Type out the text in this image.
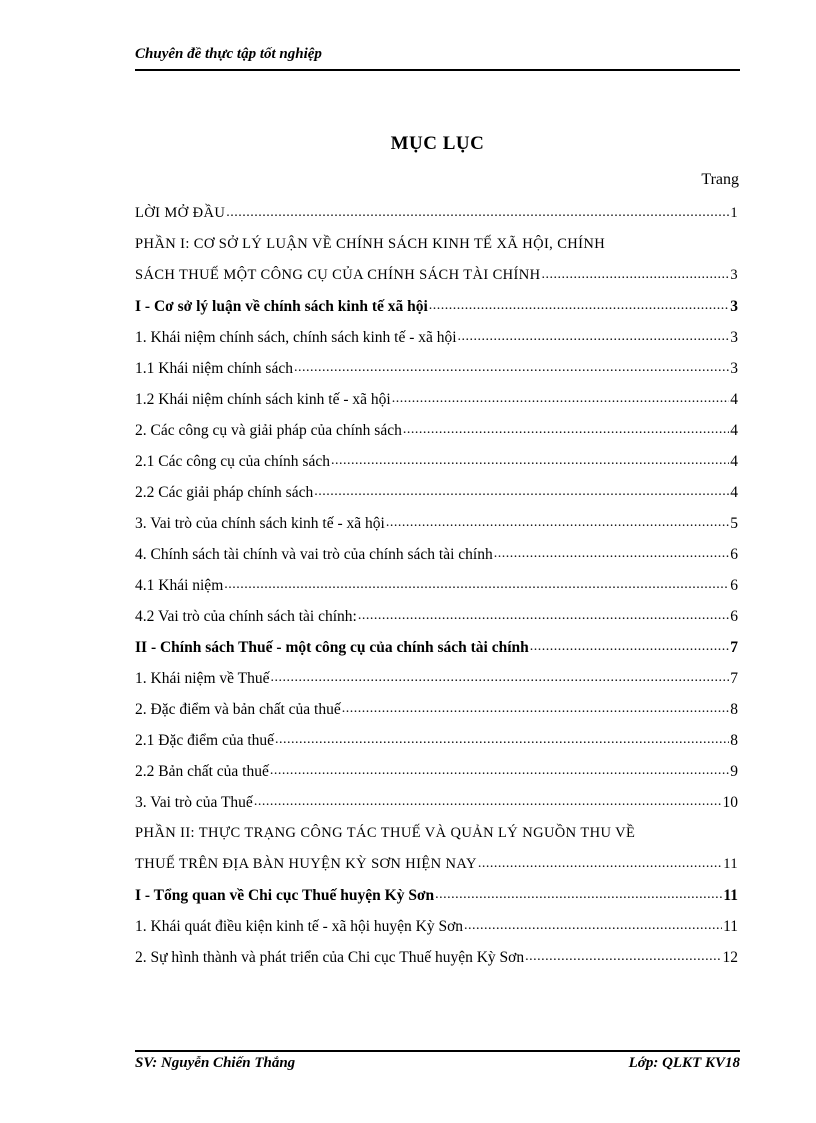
Chuyên đề thực tập tốt nghiệp
MỤC LỤC
Trang
LỜI MỞ ĐẦU .....	1
PHẦN I: CƠ SỞ LÝ LUẬN VỀ CHÍNH SÁCH KINH TẾ XÃ HỘI, CHÍNH
SÁCH THUẾ MỘT CÔNG CỤ CỦA CHÍNH SÁCH TÀI CHÍNH .....	3
I - Cơ sở lý luận về chính sách kinh tế xã hội .....	3
1. Khái niệm chính sách, chính sách kinh tế - xã hội .....	3
1.1 Khái niệm chính sách .....	3
1.2 Khái niệm chính sách kinh tế - xã hội .....	4
2. Các công cụ và giải pháp của chính sách .....	4
2.1 Các công cụ của chính sách .....	4
2.2 Các giải pháp chính sách .....	4
3. Vai trò của chính sách kinh tế - xã hội .....	5
4. Chính sách tài chính và vai trò của chính sách tài chính .....	6
4.1 Khái niệm .....	6
4.2 Vai trò của chính sách tài chính: .....	6
II - Chính sách Thuế - một công cụ của chính sách tài chính .....	7
1. Khái niệm về Thuế .....	7
2. Đặc điểm và bản chất của thuế .....	8
2.1 Đặc điểm của thuế .....	8
2.2 Bản chất của thuế .....	9
3. Vai trò của Thuế .....	10
PHẦN II: THỰC TRẠNG CÔNG TÁC THUẾ VÀ QUẢN LÝ NGUỒN THU VỀ
THUẾ TRÊN ĐỊA BÀN HUYỆN KỲ SƠN HIỆN NAY .....	11
I - Tổng quan về Chi cục Thuế huyện Kỳ Sơn .....	11
1. Khái quát điều kiện kinh tế - xã hội huyện Kỳ Sơn .....	11
2. Sự hình thành và phát triển của Chi cục Thuế huyện Kỳ Sơn .....	12
SV: Nguyễn Chiến Thắng	Lớp: QLKT KV18
